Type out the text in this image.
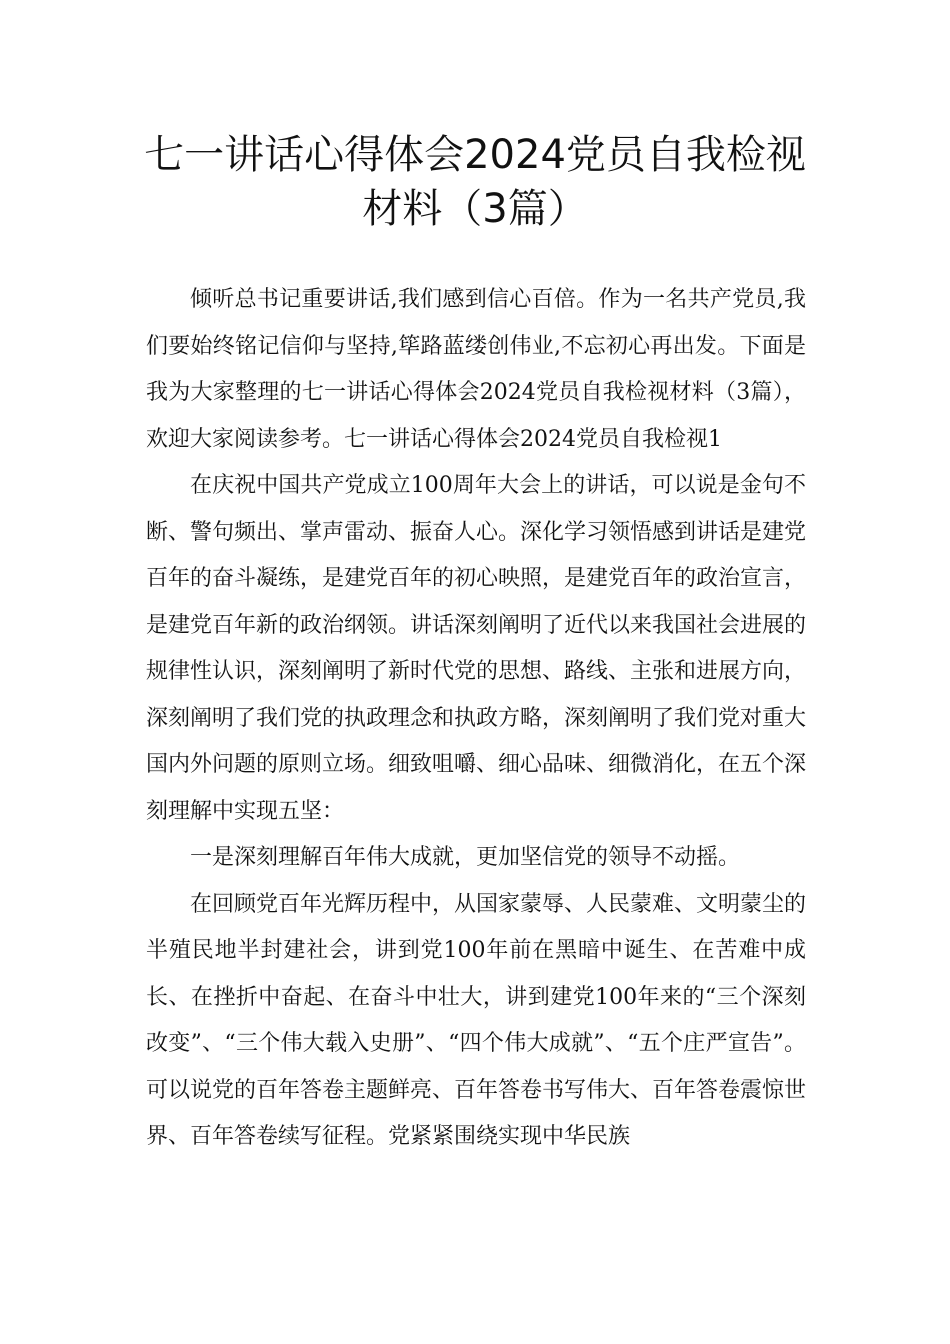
七一讲话心得体会2024党员自我检视
材料（3篇）

倾听总书记重要讲话,我们感到信心百倍。作为一名共产党员,我们要始终铭记信仰与坚持,筚路蓝缕创伟业,不忘初心再出发。下面是我为大家整理的七一讲话心得体会2024党员自我检视材料（3篇），欢迎大家阅读参考。七一讲话心得体会2024党员自我检视1

在庆祝中国共产党成立100周年大会上的讲话，可以说是金句不断、警句频出、掌声雷动、振奋人心。深化学习领悟感到讲话是建党百年的奋斗凝练，是建党百年的初心映照，是建党百年的政治宣言，是建党百年新的政治纲领。讲话深刻阐明了近代以来我国社会进展的规律性认识，深刻阐明了新时代党的思想、路线、主张和进展方向，深刻阐明了我们党的执政理念和执政方略，深刻阐明了我们党对重大国内外问题的原则立场。细致咀嚼、细心品味、细微消化，在五个深刻理解中实现五坚：

一是深刻理解百年伟大成就，更加坚信党的领导不动摇。

在回顾党百年光辉历程中，从国家蒙辱、人民蒙难、文明蒙尘的半殖民地半封建社会，讲到党100年前在黑暗中诞生、在苦难中成长、在挫折中奋起、在奋斗中壮大，讲到建党100年来的“三个深刻改变”、“三个伟大载入史册”、“四个伟大成就”、“五个庄严宣告”。可以说党的百年答卷主题鲜亮、百年答卷书写伟大、百年答卷震惊世界、百年答卷续写征程。党紧紧围绕实现中华民族
